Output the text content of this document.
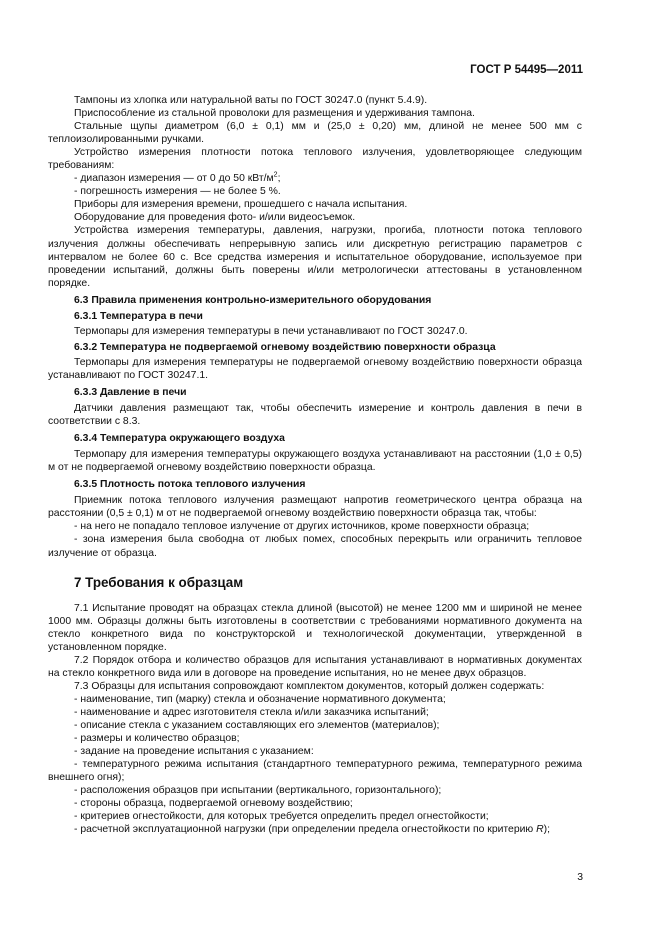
ГОСТ Р 54495—2011

Тампоны из хлопка или натуральной ваты по ГОСТ 30247.0 (пункт 5.4.9).

Приспособление из стальной проволоки для размещения и удерживания тампона.

Стальные щупы диаметром (6,0 ± 0,1) мм и (25,0 ± 0,20) мм, длиной не менее 500 мм с теплоизолированными ручками.

Устройство измерения плотности потока теплового излучения, удовлетворяющее следующим требованиям:

- диапазон измерения — от 0 до 50 кВт/$м^2$;

- погрешность измерения — не более 5 %.

Приборы для измерения времени, прошедшего с начала испытания.

Оборудование для проведения фото- и/или видеосъемок.

Устройства измерения температуры, давления, нагрузки, прогиба, плотности потока теплового излучения должны обеспечивать непрерывную запись или дискретную регистрацию параметров с интервалом не более 60 с. Все средства измерения и испытательное оборудование, используемое при проведении испытаний, должны быть поверены и/или метрологически аттестованы в установленном порядке.

6.3 Правила применения контрольно-измерительного оборудования
6.3.1 Температура в печи

Термопары для измерения температуры в печи устанавливают по ГОСТ 30247.0.

6.3.2 Температура не подвергаемой огневому воздействию поверхности образца

Термопары для измерения температуры не подвергаемой огневому воздействию поверхности образца устанавливают по ГОСТ 30247.1.

6.3.3 Давление в печи

Датчики давления размещают так, чтобы обеспечить измерение и контроль давления в печи в соответствии с 8.3.

6.3.4 Температура окружающего воздуха

Термопару для измерения температуры окружающего воздуха устанавливают на расстоянии (1,0 ± 0,5) м от не подвергаемой огневому воздействию поверхности образца.

6.3.5 Плотность потока теплового излучения

Приемник потока теплового излучения размещают напротив геометрического центра образца на расстоянии (0,5 ± 0,1) м от не подвергаемой огневому воздействию поверхности образца так, чтобы:

- на него не попадало тепловое излучение от других источников, кроме поверхности образца;

- зона измерения была свободна от любых помех, способных перекрыть или ограничить тепловое излучение от образца.

7 Требования к образцам

7.1 Испытание проводят на образцах стекла длиной (высотой) не менее 1200 мм и шириной не менее 1000 мм. Образцы должны быть изготовлены в соответствии с требованиями нормативного документа на стекло конкретного вида по конструкторской и технологической документации, утвержденной в установленном порядке.

7.2 Порядок отбора и количество образцов для испытания устанавливают в нормативных документах на стекло конкретного вида или в договоре на проведение испытания, но не менее двух образцов.

7.3 Образцы для испытания сопровождают комплектом документов, который должен содержать:

- наименование, тип (марку) стекла и обозначение нормативного документа;

- наименование и адрес изготовителя стекла и/или заказчика испытаний;

- описание стекла с указанием составляющих его элементов (материалов);

- размеры и количество образцов;

- задание на проведение испытания с указанием:

- температурного режима испытания (стандартного температурного режима, температурного режима внешнего огня);

- расположения образцов при испытании (вертикального, горизонтального);

- стороны образца, подвергаемой огневому воздействию;

- критериев огнестойкости, для которых требуется определить предел огнестойкости;

- расчетной эксплуатационной нагрузки (при определении предела огнестойкости по критерию R);

3
